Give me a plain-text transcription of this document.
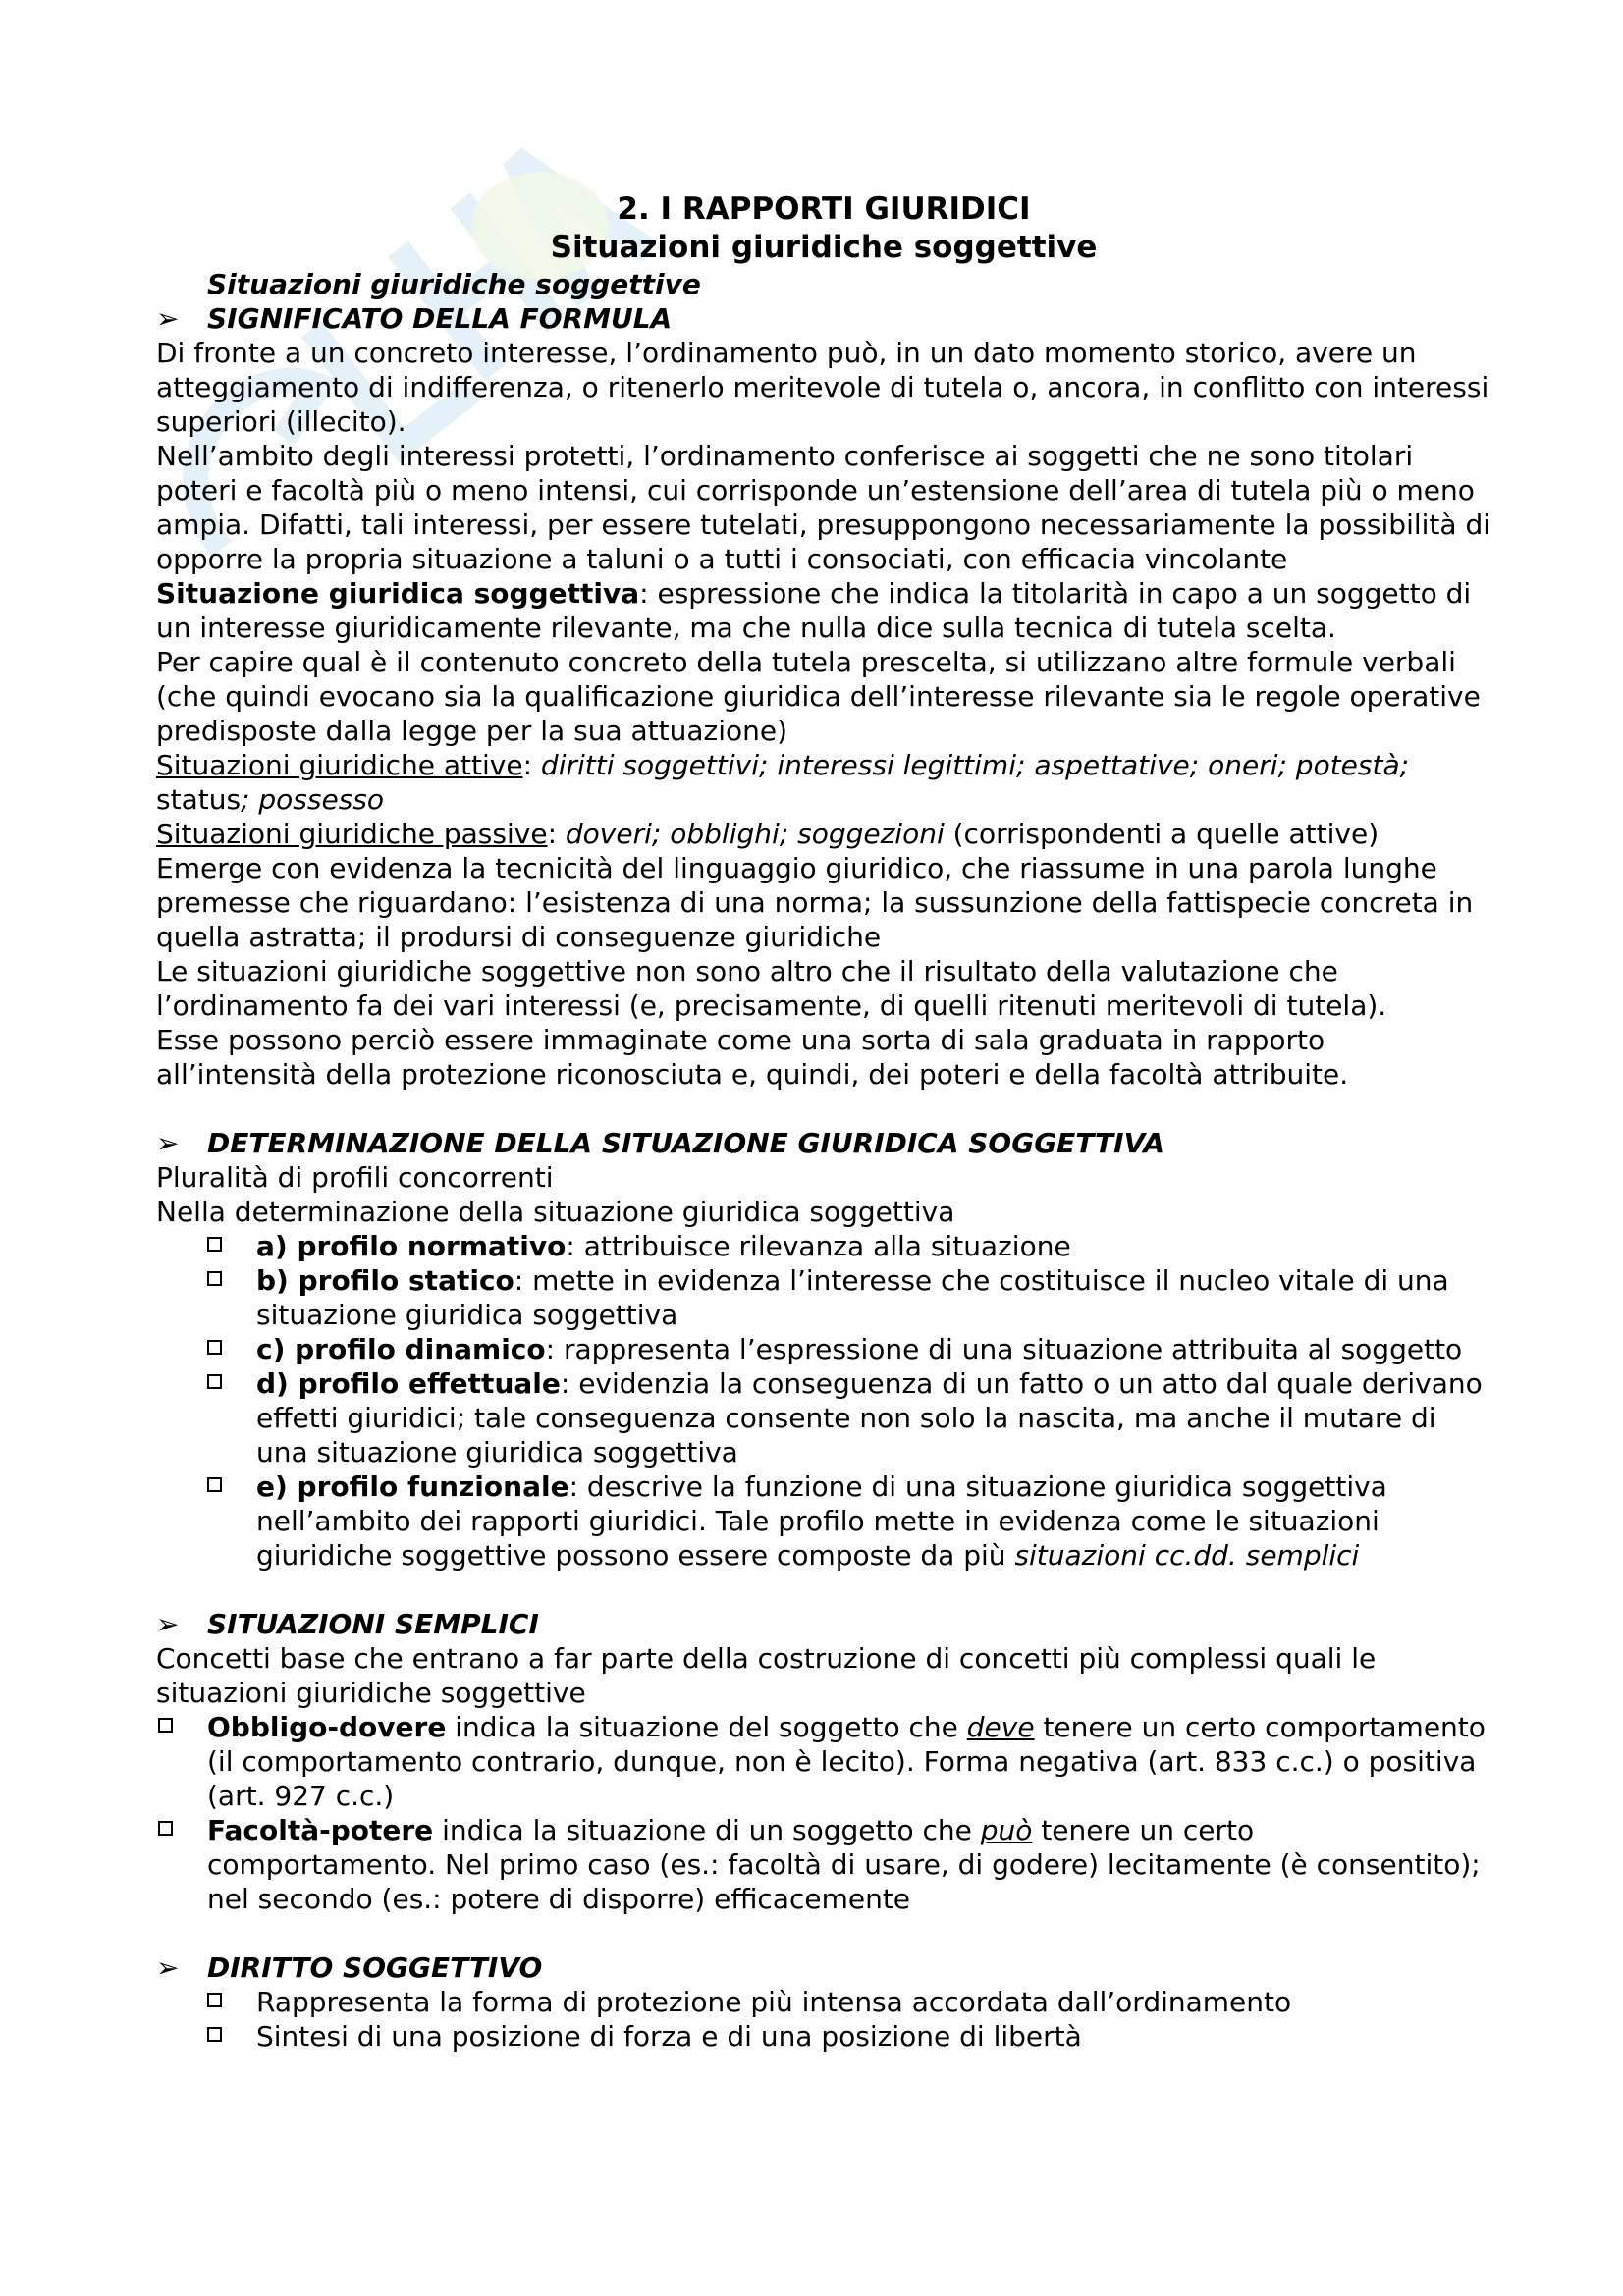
2. I RAPPORTI GIURIDICI
Situazioni giuridiche soggettive
Situazioni giuridiche soggettive
➢ SIGNIFICATO DELLA FORMULA

Di fronte a un concreto interesse, l’ordinamento può, in un dato momento storico, avere un atteggiamento di indifferenza, o ritenerlo meritevole di tutela o, ancora, in conflitto con interessi superiori (illecito).

Nell’ambito degli interessi protetti, l’ordinamento conferisce ai soggetti che ne sono titolari poteri e facoltà più o meno intensi, cui corrisponde un’estensione dell’area di tutela più o meno ampia. Difatti, tali interessi, per essere tutelati, presuppongono necessariamente la possibilità di opporre la propria situazione a taluni o a tutti i consociati, con efficacia vincolante

Situazione giuridica soggettiva: espressione che indica la titolarità in capo a un soggetto di un interesse giuridicamente rilevante, ma che nulla dice sulla tecnica di tutela scelta.

Per capire qual è il contenuto concreto della tutela prescelta, si utilizzano altre formule verbali (che quindi evocano sia la qualificazione giuridica dell’interesse rilevante sia le regole operative predisposte dalla legge per la sua attuazione)

Situazioni giuridiche attive: diritti soggettivi; interessi legittimi; aspettative; oneri; potestà; status; possesso

Situazioni giuridiche passive: doveri; obblighi; soggezioni (corrispondenti a quelle attive)

Emerge con evidenza la tecnicità del linguaggio giuridico, che riassume in una parola lunghe premesse che riguardano: l’esistenza di una norma; la sussunzione della fattispecie concreta in quella astratta; il prodursi di conseguenze giuridiche

Le situazioni giuridiche soggettive non sono altro che il risultato della valutazione che l’ordinamento fa dei vari interessi (e, precisamente, di quelli ritenuti meritevoli di tutela).

Esse possono perciò essere immaginate come una sorta di sala graduata in rapporto all’intensità della protezione riconosciuta e, quindi, dei poteri e della facoltà attribuite.

➢ DETERMINAZIONE DELLA SITUAZIONE GIURIDICA SOGGETTIVA

Pluralità di profili concorrenti

Nella determinazione della situazione giuridica soggettiva

a) profilo normativo: attribuisce rilevanza alla situazione
b) profilo statico: mette in evidenza l’interesse che costituisce il nucleo vitale di una situazione giuridica soggettiva
c) profilo dinamico: rappresenta l’espressione di una situazione attribuita al soggetto
d) profilo effettuale: evidenzia la conseguenza di un fatto o un atto dal quale derivano effetti giuridici; tale conseguenza consente non solo la nascita, ma anche il mutare di una situazione giuridica soggettiva
e) profilo funzionale: descrive la funzione di una situazione giuridica soggettiva nell’ambito dei rapporti giuridici. Tale profilo mette in evidenza come le situazioni giuridiche soggettive possono essere composte da più situazioni cc.dd. semplici
➢ SITUAZIONI SEMPLICI

Concetti base che entrano a far parte della costruzione di concetti più complessi quali le situazioni giuridiche soggettive

Obbligo-dovere indica la situazione del soggetto che deve tenere un certo comportamento (il comportamento contrario, dunque, non è lecito). Forma negativa (art. 833 c.c.) o positiva (art. 927 c.c.)
Facoltà-potere indica la situazione di un soggetto che può tenere un certo comportamento. Nel primo caso (es.: facoltà di usare, di godere) lecitamente (è consentito); nel secondo (es.: potere di disporre) efficacemente
➢ DIRITTO SOGGETTIVO
Rappresenta la forma di protezione più intensa accordata dall’ordinamento
Sintesi di una posizione di forza e di una posizione di libertà
